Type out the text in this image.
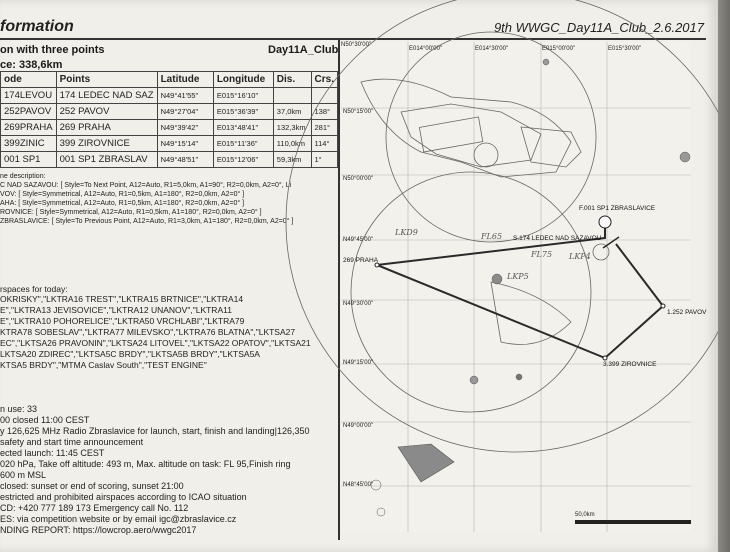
formation	9th WWGC_Day11A_Club_2.6.2017
on with three points	Day11A_Club
ce: 338,6km
ode	Points	Latitude	Longitude	Dis.	Crs.
174LEVOU	174 LEDEC NAD SAZ	N49°41'55"	E015°16'10"		
252PAVOV	252 PAVOV	N49°27'04"	E015°36'39"	37,0km	138°
269PRAHA	269 PRAHA	N49°39'42"	E013°48'41"	132,3km	281°
399ZINIC	399 ZIROVNICE	N49°15'14"	E015°11'36"	110,0km	114°
001 SP1	001 SP1 ZBRASLAV	N49°48'51"	E015°12'06"	59,3km	1°
ne description:
C NAD SAZAVOU: [ Style=To Next Point, A12=Auto, R1=5,0km, A1=90°, R2=0,0km, A2=0°, Li
VOV: [ Style=Symmetrical, A12=Auto, R1=0,5km, A1=180°, R2=0,0km, A2=0° ]
AHA: [ Style=Symmetrical, A12=Auto, R1=0,5km, A1=180°, R2=0,0km, A2=0° ]
ROVNICE: [ Style=Symmetrical, A12=Auto, R1=0,5km, A1=180°, R2=0,0km, A2=0° ]
ZBRASLAVICE: [ Style=To Previous Point, A12=Auto, R1=3,0km, A1=180°, R2=0,0km, A2=0° ]
rspaces for today:
OKRISKY","LKTRA16 TREST","LKTRA15 BRTNICE","LKTRA14
E","LKTRA13 JEVISOVICE","LKTRA12 UNANOV","LKTRA11
E","LKTRA10 POHORELICE","LKTRA50 VRCHLABI","LKTRA79
KTRA78 SOBESLAV","LKTRA77 MILEVSKO","LKTRA76 BLATNA","LKTSA27
EC","LKTSA26 PRAVONIN","LKTSA24 LITOVEL","LKTSA22 OPATOV","LKTSA21
LKTSA20 ZDIREC","LKTSA5C BRDY","LKTSA5B BRDY","LKTSA5A
KTSA5 BRDY","MTMA Caslav South","TEST ENGINE"
n use: 33
00 closed 11:00 CEST
y 126,625 MHz Radio Zbraslavice for launch, start, finish and landing|126,350
safety and start time announcement
ected launch: 11:45 CEST
020 hPa, Take off altitude: 493 m, Max. altitude on task: FL 95,Finish ring
600 m MSL
closed: sunset or end of scoring, sunset 21:00
estricted and prohibited airspaces according to ICAO situation
CD: +420 777 189 173 Emergency call No. 112
ES: via competition website or by email igc@zbraslavice.cz
NDING REPORT: https://lowcrop.aero/wwgc2017
N50°30'00"
E014°00'00"	E014°30'00"	E015°00'00"	E015°30'00"
N50°15'00"
N50°00'00"
N49°45'00"
N49°30'00"
N49°15'00"
N49°00'00"
N48°45'00"
F.001 SP1 ZBRASLAVICE
S.174 LEDEC NAD SAZAVOU
269 PRAHA
1.252 PAVOV
3.399 ZIROVNICE
LKD9	FL65
LKP5
FL75 LKP4
50,0km
